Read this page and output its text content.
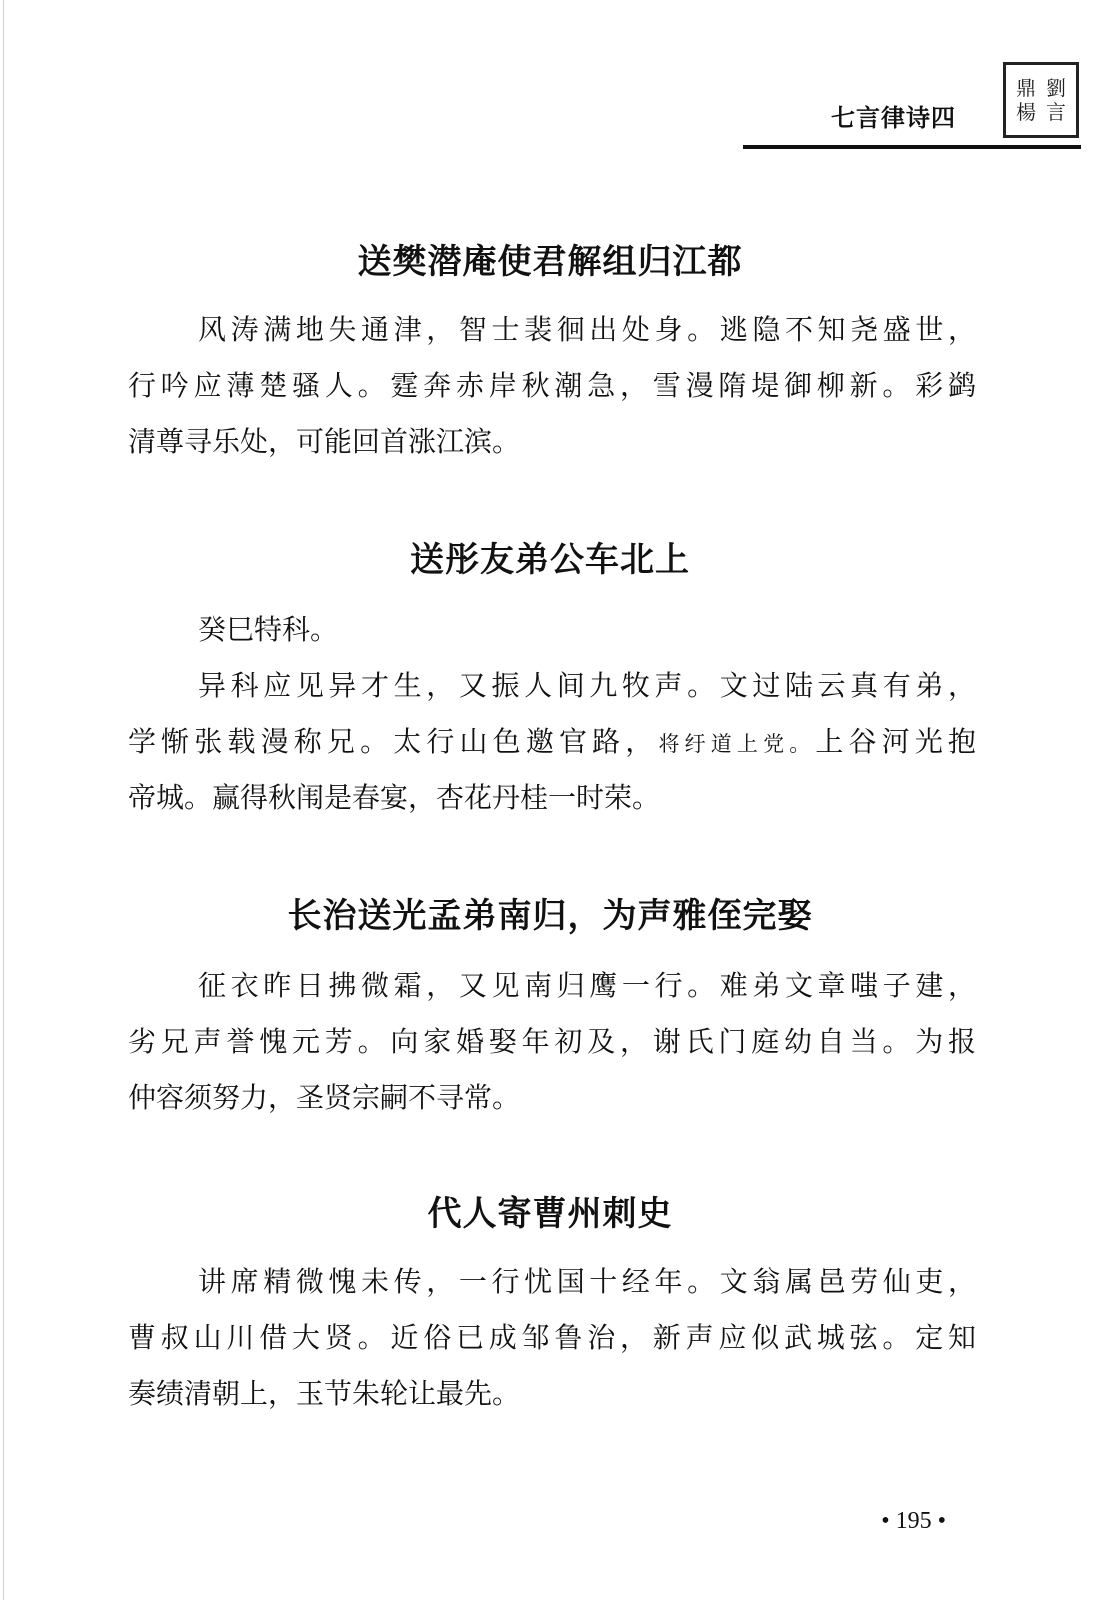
七言律诗四
鼎 劉
楊 言
送樊潜庵使君解组归江都
风涛满地失通津，智士裴徊出处身。逃隐不知尧盛世，
行吟应薄楚骚人。霆奔赤岸秋潮急，雪漫隋堤御柳新。彩鹢
清尊寻乐处，可能回首涨江滨。
送彤友弟公车北上
癸巳特科。
异科应见异才生，又振人间九牧声。文过陆云真有弟，
学惭张载漫称兄。太行山色邀官路，将纡道上党。上谷河光抱
帝城。赢得秋闱是春宴，杏花丹桂一时荣。
长治送光孟弟南归，为声雅侄完娶
征衣昨日拂微霜，又见南归鹰一行。难弟文章嗤子建，
劣兄声誉愧元芳。向家婚娶年初及，谢氏门庭幼自当。为报
仲容须努力，圣贤宗嗣不寻常。
代人寄曹州刺史
讲席精微愧未传，一行忧国十经年。文翁属邑劳仙吏，
曹叔山川借大贤。近俗已成邹鲁治，新声应似武城弦。定知
奏绩清朝上，玉节朱轮让最先。
• 195 •
